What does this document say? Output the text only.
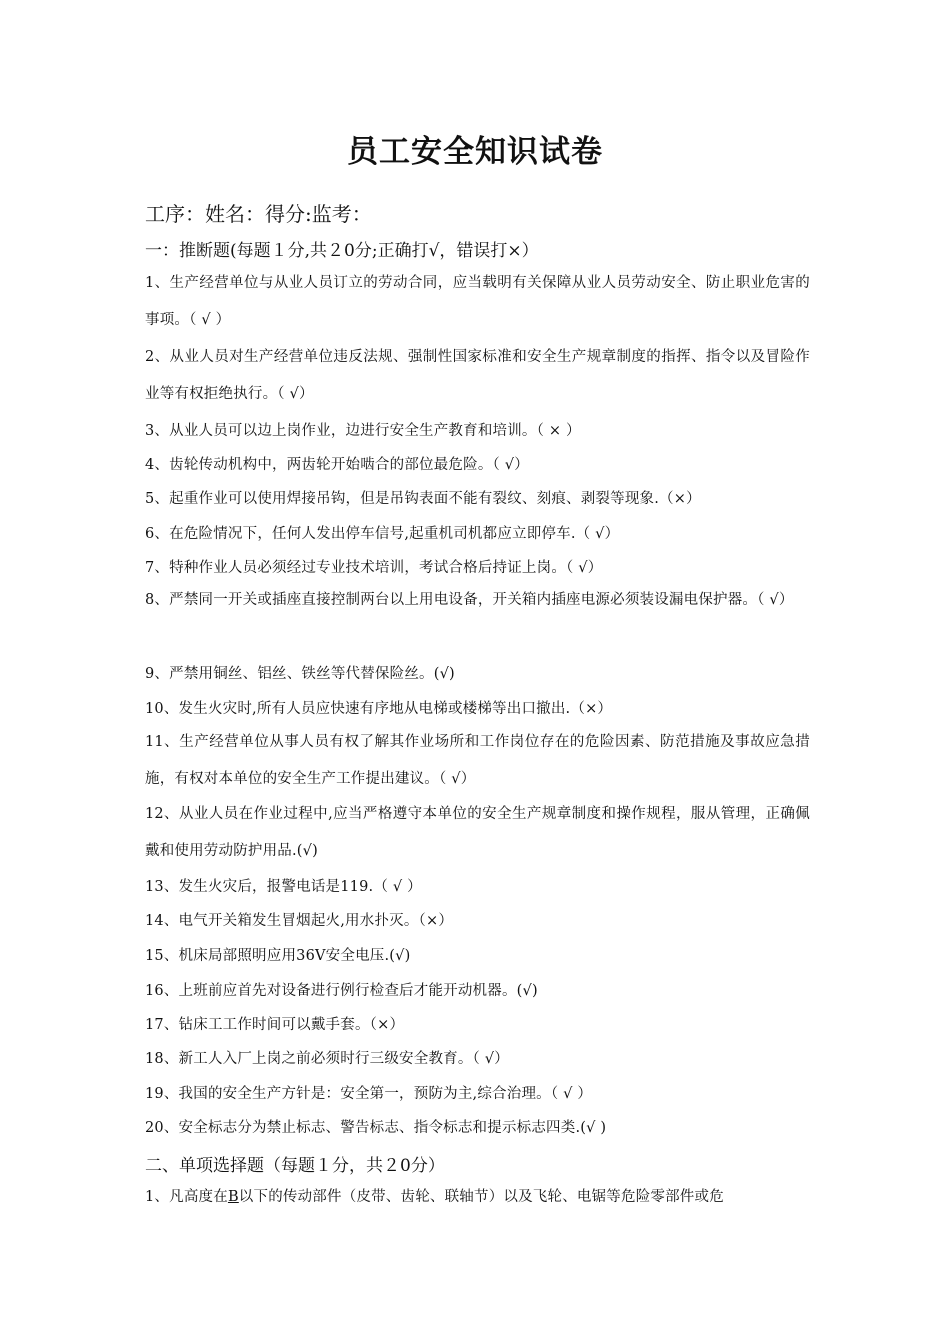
员工安全知识试卷
工序：姓名：得分:监考：
一：推断题(每题１分,共２0分;正确打√，错误打×）
1、生产经营单位与从业人员订立的劳动合同，应当载明有关保障从业人员劳动安全、防止职业危害的事项。（ √ ）
2、从业人员对生产经营单位违反法规、强制性国家标准和安全生产规章制度的指挥、指令以及冒险作业等有权拒绝执行。（ √）
3、从业人员可以边上岗作业，边进行安全生产教育和培训。（ × ）
4、齿轮传动机构中，两齿轮开始啮合的部位最危险。（ √）
5、起重作业可以使用焊接吊钩，但是吊钩表面不能有裂纹、刻痕、剥裂等现象.（×）
6、在危险情况下，任何人发出停车信号,起重机司机都应立即停车.（ √）
7、特种作业人员必须经过专业技术培训，考试合格后持证上岗。（ √）
8、严禁同一开关或插座直接控制两台以上用电设备，开关箱内插座电源必须装设漏电保护器。（ √）
9、严禁用铜丝、铝丝、铁丝等代替保险丝。(√)
10、发生火灾时,所有人员应快速有序地从电梯或楼梯等出口撤出.（×）
11、生产经营单位从事人员有权了解其作业场所和工作岗位存在的危险因素、防范措施及事故应急措施，有权对本单位的安全生产工作提出建议。（ √）
12、从业人员在作业过程中,应当严格遵守本单位的安全生产规章制度和操作规程，服从管理，正确佩戴和使用劳动防护用品.(√)
13、发生火灾后，报警电话是119.（ √ ）
14、电气开关箱发生冒烟起火,用水扑灭。（×）
15、机床局部照明应用36V安全电压.(√)
16、上班前应首先对设备进行例行检查后才能开动机器。(√)
17、钻床工工作时间可以戴手套。（×）
18、新工人入厂上岗之前必须时行三级安全教育。（ √）
19、我国的安全生产方针是：安全第一，预防为主,综合治理。（ √ ）
20、安全标志分为禁止标志、警告标志、指令标志和提示标志四类.(√ )
二、单项选择题（每题１分，共２0分）
1、凡高度在B以下的传动部件（皮带、齿轮、联轴节）以及飞轮、电锯等危险零部件或危
